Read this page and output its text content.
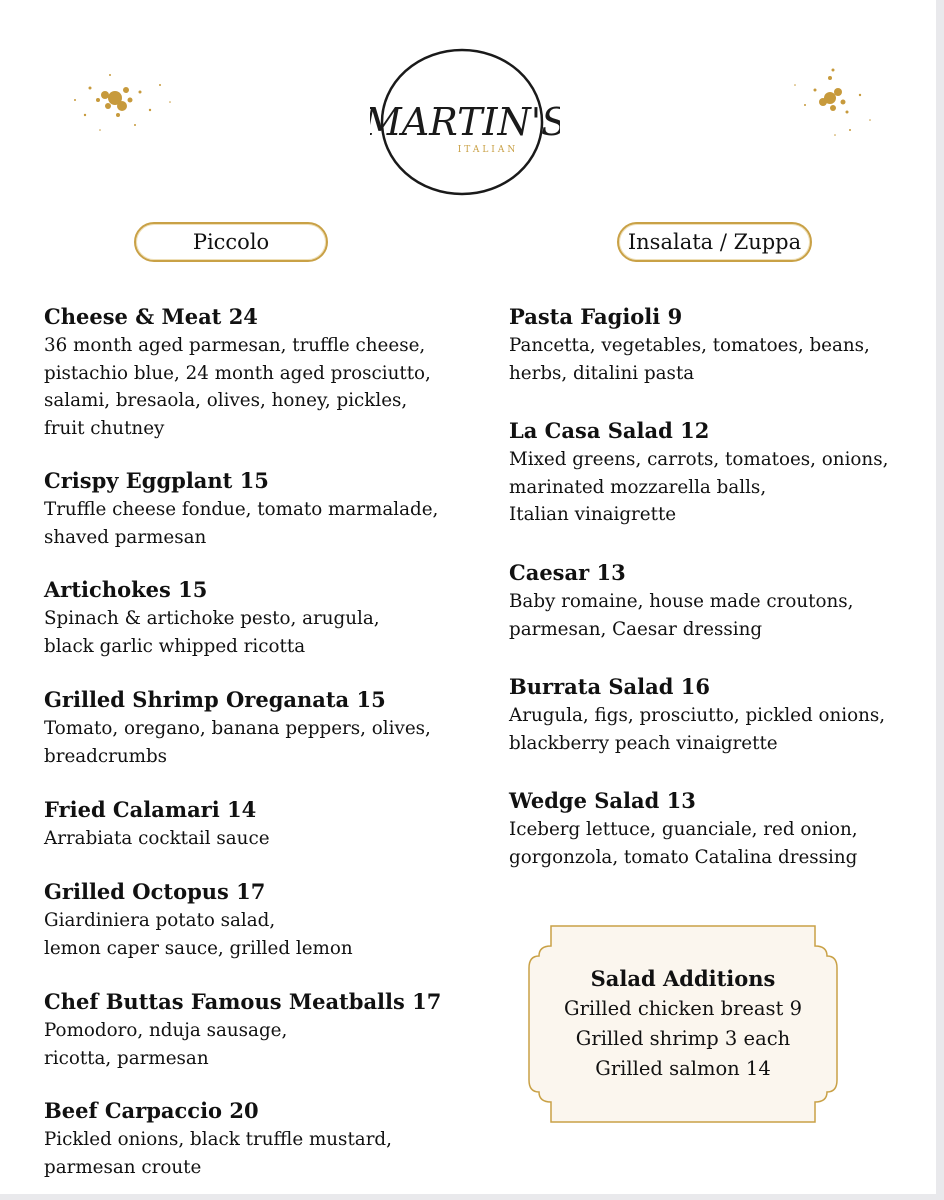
MARTIN'S
ITALIAN
Piccolo	Insalata / Zuppa

Cheese & Meat 24

36 month aged parmesan, truffle cheese,
pistachio blue, 24 month aged prosciutto,
salami, bresaola, olives, honey, pickles,
fruit chutney

Crispy Eggplant 15

Truffle cheese fondue, tomato marmalade,
shaved parmesan

Artichokes 15

Spinach & artichoke pesto, arugula,
black garlic whipped ricotta

Grilled Shrimp Oreganata 15

Tomato, oregano, banana peppers, olives,
breadcrumbs

Fried Calamari 14

Arrabiata cocktail sauce

Grilled Octopus 17

Giardiniera potato salad,
lemon caper sauce, grilled lemon

Chef Buttas Famous Meatballs 17

Pomodoro, nduja sausage,
ricotta, parmesan

Beef Carpaccio 20

Pickled onions, black truffle mustard,
parmesan croute

Pasta Fagioli 9

Pancetta, vegetables, tomatoes, beans,
herbs, ditalini pasta

La Casa Salad 12

Mixed greens, carrots, tomatoes, onions,
marinated mozzarella balls,
Italian vinaigrette

Caesar 13

Baby romaine, house made croutons,
parmesan, Caesar dressing

Burrata Salad 16

Arugula, figs, prosciutto, pickled onions,
blackberry peach vinaigrette

Wedge Salad 13

Iceberg lettuce, guanciale, red onion,
gorgonzola, tomato Catalina dressing

Salad Additions
Grilled chicken breast 9
Grilled shrimp 3 each
Grilled salmon 14
